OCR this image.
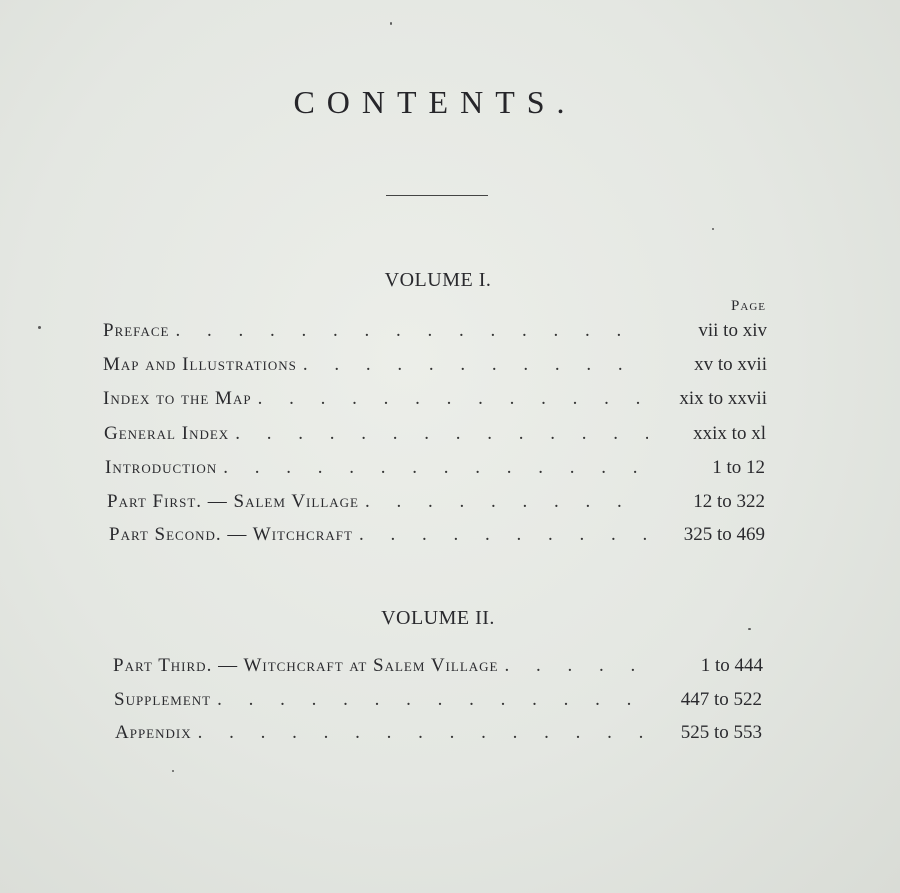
CONTENTS.
VOLUME I.
Page
Preface . . .	vii to xiv
Map and Illustrations . . .	xv to xvii
Index to the Map . . .	xix to xxvii
General Index . . .	xxix to xl
Introduction . . .	1 to 12
Part First. — Salem Village . . .	12 to 322
Part Second. — Witchcraft . . .	325 to 469
VOLUME II.
Part Third. — Witchcraft at Salem Village . . .	1 to 444
Supplement . . .	447 to 522
Appendix . . .	525 to 553
